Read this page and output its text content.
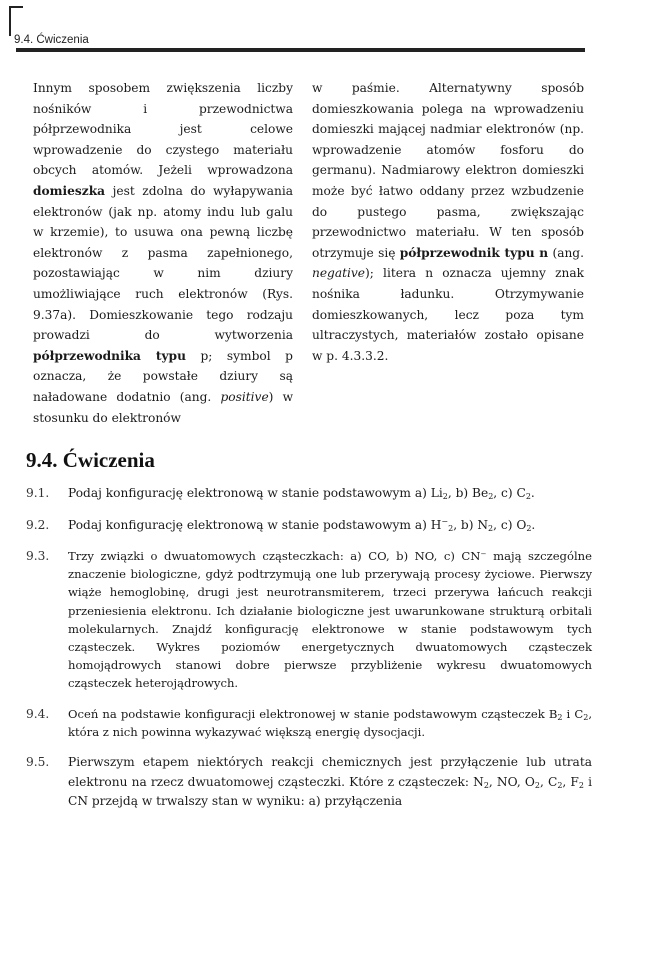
9.4. Ćwiczenia

Innym sposobem zwiększenia liczby nośników i przewodnictwa półprzewodnika jest celowe wprowadzenie do czystego materiału obcych atomów. Jeżeli wprowadzona domieszka jest zdolna do wyłapywania elektronów (jak np. atomy indu lub galu w krzemie), to usuwa ona pewną liczbę elektronów z pasma zapełnionego, pozostawiając w nim dziury umożliwiające ruch elektronów (Rys. 9.37a). Domieszkowanie tego rodzaju prowadzi do wytworzenia półprzewodnika typu p; symbol p oznacza, że powstałe dziury są naładowane dodatnio (ang. positive) w stosunku do elektronów

w paśmie. Alternatywny sposób domieszkowania polega na wprowadzeniu domieszki mającej nadmiar elektronów (np. wprowadzenie atomów fosforu do germanu). Nadmiarowy elektron domieszki może być łatwo oddany przez wzbudzenie do pustego pasma, zwiększając przewodnictwo materiału. W ten sposób otrzymuje się półprzewodnik typu n (ang. negative); litera n oznacza ujemny znak nośnika ładunku. Otrzymywanie domieszkowanych, lecz poza tym ultraczystych, materiałów zostało opisane w p. 4.3.3.2.

9.4. Ćwiczenia
9.1.	Podaj konfigurację elektronową w stanie podstawowym a) $Li_2$, b) $Be_2$, c) $C_2$.
9.2.	Podaj konfigurację elektronową w stanie podstawowym a) $H^-_2$, b) $N_2$, c) $O_2$.
9.3.	Trzy związki o dwuatomowych cząsteczkach: a) CO, b) NO, c) CN⁻ mają szczególne znaczenie biologiczne, gdyż podtrzymują one lub przerywają procesy życiowe. Pierwszy wiąże hemoglobinę, drugi jest neurotransmiterem, trzeci przerywa łańcuch reakcji przeniesienia elektronu. Ich działanie biologiczne jest uwarunkowane strukturą orbitali molekularnych. Znajdź konfigurację elektronowe w stanie podstawowym tych cząsteczek. Wykres poziomów energetycznych dwuatomowych cząsteczek homojądrowych stanowi dobre pierwsze przybliżenie wykresu dwuatomowych cząsteczek heterojądrowych.
9.4.	Oceń na podstawie konfiguracji elektronowej w stanie podstawowym cząsteczek $B_2$ i $C_2$, która z nich powinna wykazywać większą energię dysocjacji.
9.5.	Pierwszym etapem niektórych reakcji chemicznych jest przyłączenie lub utrata elektronu na rzecz dwuatomowej cząsteczki. Które z cząsteczek: $N_2$, NO, $O_2$, $C_2$, $F_2$ i CN przejdą w trwalszy stan w wyniku: a) przyłączenia
